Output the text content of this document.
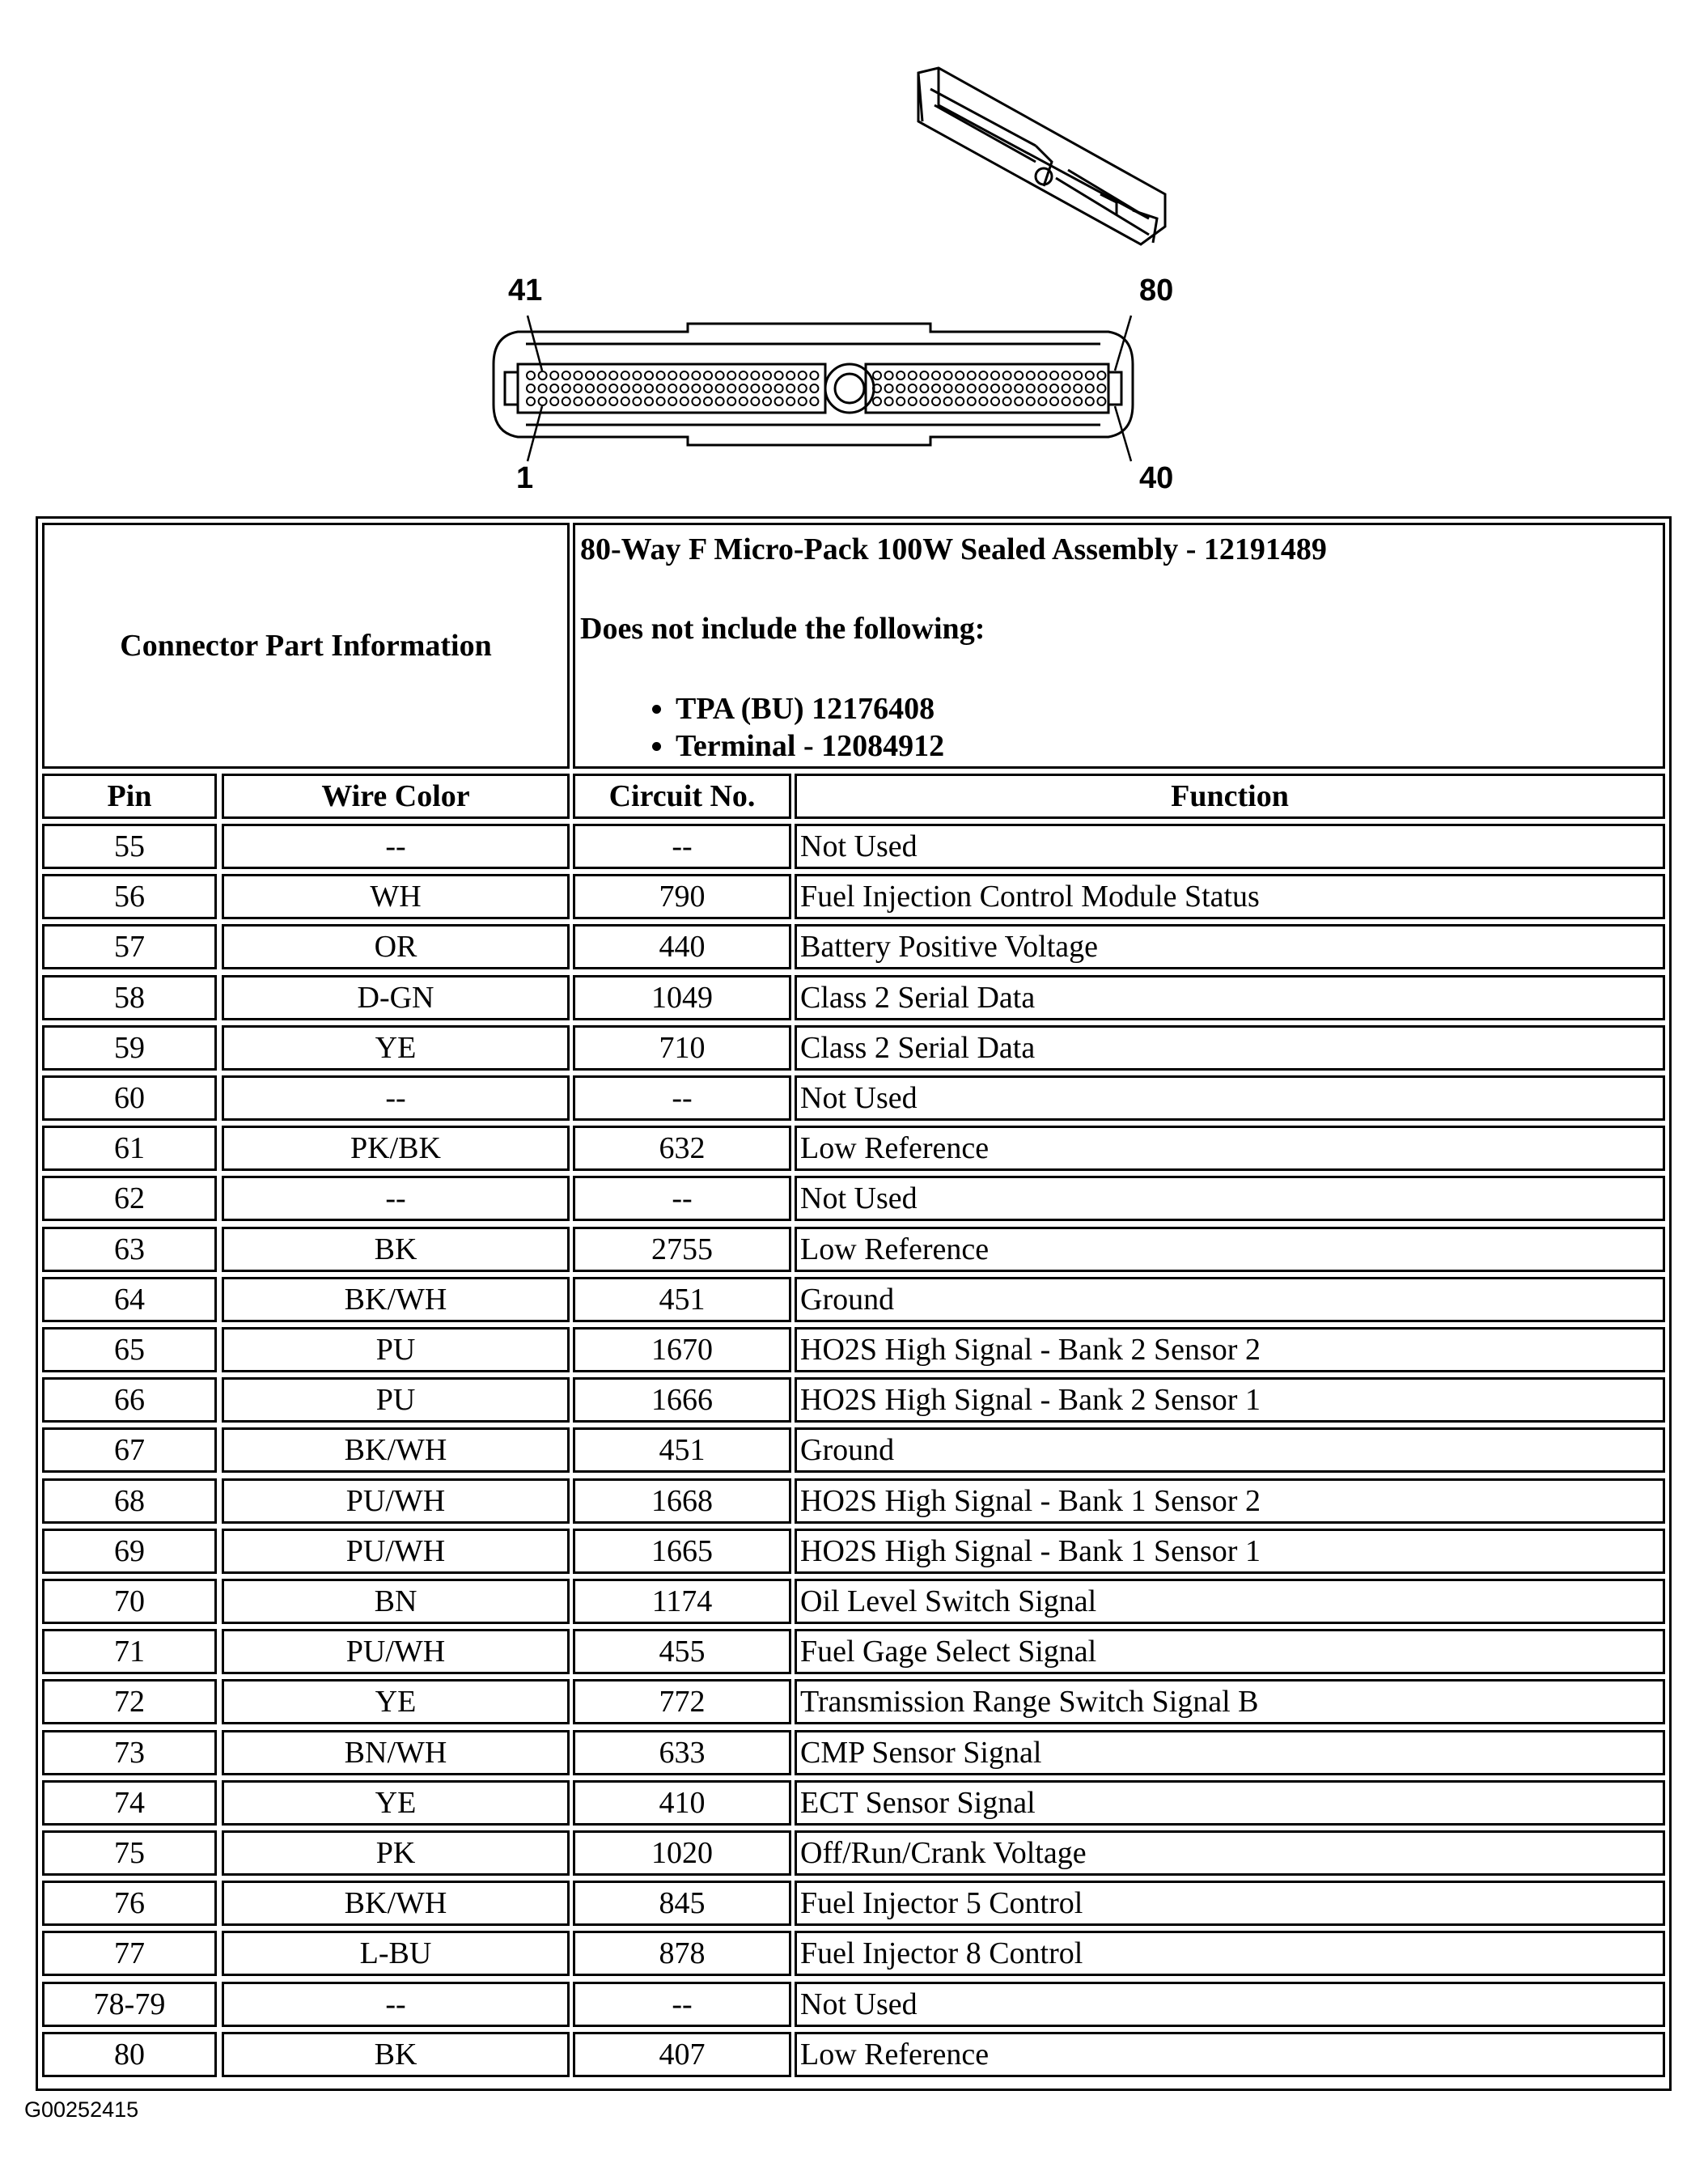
41	80
1	40
Connector Part Information
80-Way F Micro-Pack 100W Sealed Assembly - 12191489
Does not include the following:
• TPA (BU) 12176408
• Terminal - 12084912
Pin	Wire Color	Circuit No.	Function
55	--	--	Not Used
56	WH	790	Fuel Injection Control Module Status
57	OR	440	Battery Positive Voltage
58	D-GN	1049	Class 2 Serial Data
59	YE	710	Class 2 Serial Data
60	--	--	Not Used
61	PK/BK	632	Low Reference
62	--	--	Not Used
63	BK	2755	Low Reference
64	BK/WH	451	Ground
65	PU	1670	HO2S High Signal - Bank 2 Sensor 2
66	PU	1666	HO2S High Signal - Bank 2 Sensor 1
67	BK/WH	451	Ground
68	PU/WH	1668	HO2S High Signal - Bank 1 Sensor 2
69	PU/WH	1665	HO2S High Signal - Bank 1 Sensor 1
70	BN	1174	Oil Level Switch Signal
71	PU/WH	455	Fuel Gage Select Signal
72	YE	772	Transmission Range Switch Signal B
73	BN/WH	633	CMP Sensor Signal
74	YE	410	ECT Sensor Signal
75	PK	1020	Off/Run/Crank Voltage
76	BK/WH	845	Fuel Injector 5 Control
77	L-BU	878	Fuel Injector 8 Control
78-79	--	--	Not Used
80	BK	407	Low Reference
G00252415
